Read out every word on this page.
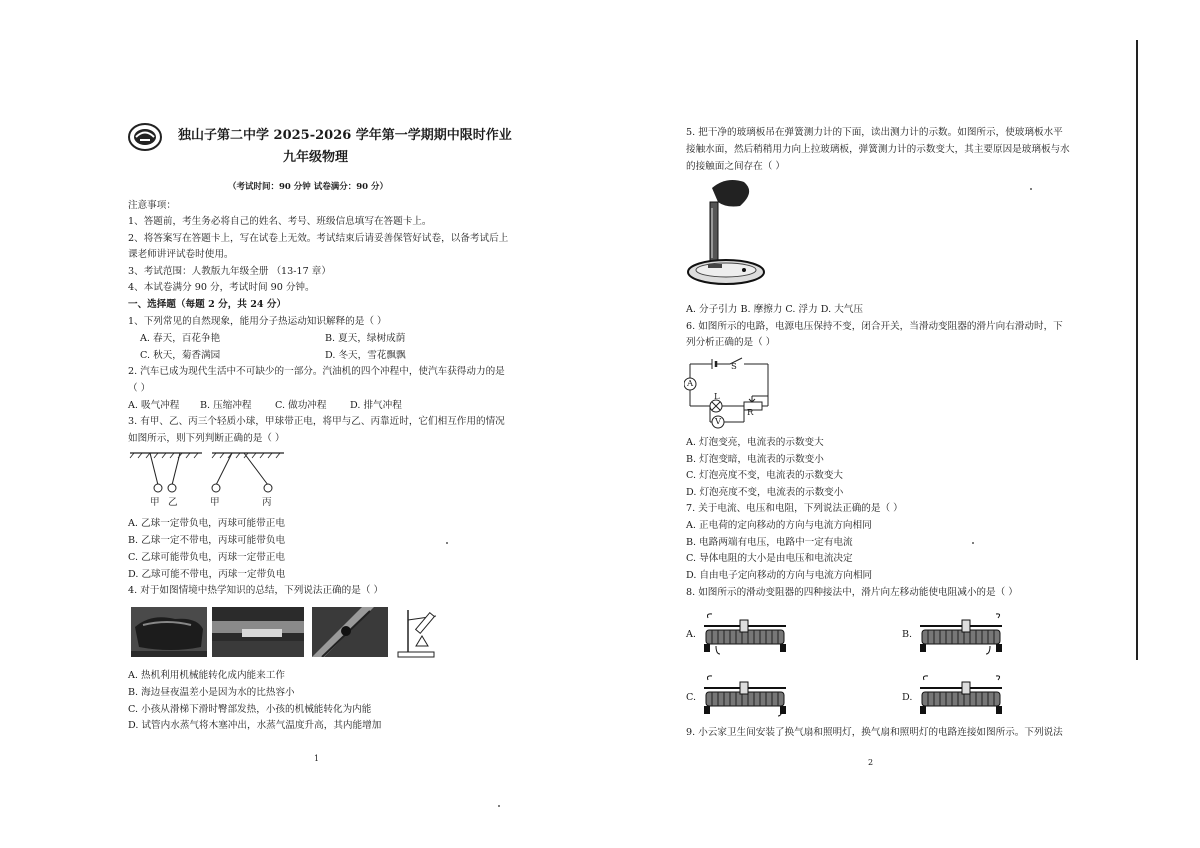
独山子第二中学 2025-2026 学年第一学期期中限时作业
九年级物理
（考试时间：90 分钟 试卷满分：90 分）
注意事项：
1、答题前，考生务必将自己的姓名、考号、班级信息填写在答题卡上。
2、将答案写在答题卡上，写在试卷上无效。考试结束后请妥善保管好试卷，以备考试后上
课老师讲评试卷时使用。
3、考试范围：人教版九年级全册 （13-17 章）
4、本试卷满分 90 分，考试时间 90 分钟。
一、选择题（每题 2 分，共 24 分）
1、下列常见的自然现象，能用分子热运动知识解释的是（ ）
A. 春天，百花争艳	B. 夏天，绿树成荫
C. 秋天，菊香满园	D. 冬天，雪花飘飘
2. 汽车已成为现代生活中不可缺少的一部分。汽油机的四个冲程中，使汽车获得动力的是
（ ）
A. 吸气冲程 B. 压缩冲程 C. 做功冲程 D. 排气冲程
3. 有甲、乙、丙三个轻质小球，甲球带正电，将甲与乙、丙靠近时，它们相互作用的情况
如图所示，则下列判断正确的是（ ）
甲 乙	甲	丙
A. 乙球一定带负电，丙球可能带正电
B. 乙球一定不带电，丙球可能带负电
C. 乙球可能带负电，丙球一定带正电
D. 乙球可能不带电，丙球一定带负电
4. 对于如图情境中热学知识的总结，下列说法正确的是（ ）
A. 热机利用机械能转化成内能来工作
B. 海边昼夜温差小是因为水的比热容小
C. 小孩从滑梯下滑时臀部发热，小孩的机械能转化为内能
D. 试管内水蒸气将木塞冲出，水蒸气温度升高，其内能增加
1
5. 把干净的玻璃板吊在弹簧测力计的下面，读出测力计的示数。如图所示，使玻璃板水平
接触水面，然后稍稍用力向上拉玻璃板，弹簧测力计的示数变大，其主要原因是玻璃板与水
的接触面之间存在（ ）
A. 分子引力 B. 摩擦力 C. 浮力 D. 大气压
6. 如图所示的电路，电源电压保持不变，闭合开关，当滑动变阻器的滑片向右滑动时，下
列分析正确的是（ ）
S
A
L
V
R
A. 灯泡变亮，电流表的示数变大
B. 灯泡变暗，电流表的示数变小
C. 灯泡亮度不变，电流表的示数变大
D. 灯泡亮度不变，电流表的示数变小
7. 关于电流、电压和电阻，下列说法正确的是（ ）
A. 正电荷的定向移动的方向与电流方向相同
B. 电路两端有电压，电路中一定有电流
C. 导体电阻的大小是由电压和电流决定
D. 自由电子定向移动的方向与电流方向相同
8. 如图所示的滑动变阻器的四种接法中，滑片向左移动能使电阻减小的是（ ）
A.	B.
C.	D.
9. 小云家卫生间安装了换气扇和照明灯，换气扇和照明灯的电路连接如图所示。下列说法
2
